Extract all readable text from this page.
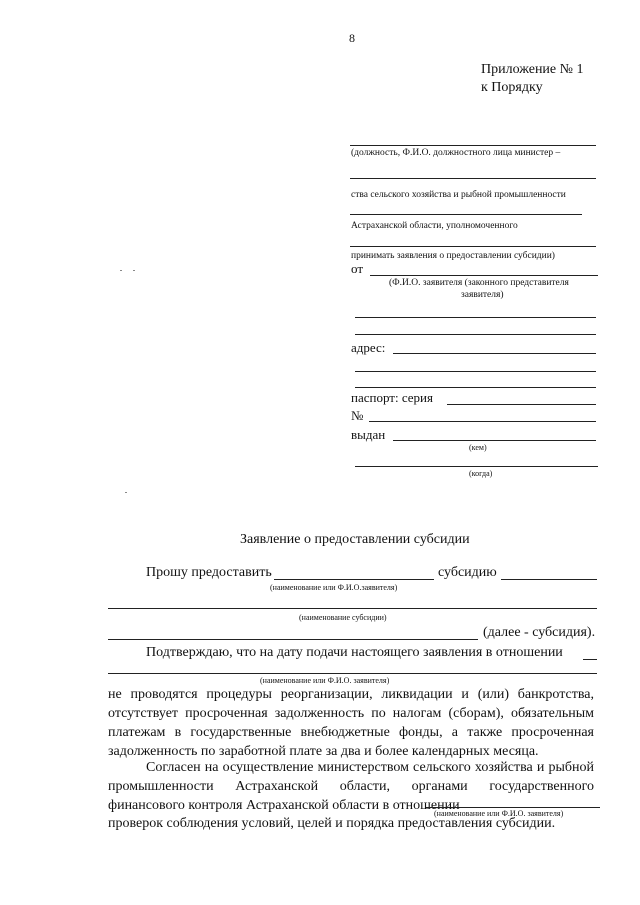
8
Приложение № 1
к Порядку
(должность, Ф.И.О. должностного лица министер –
ства сельского хозяйства и рыбной промышленности
Астраханской области, уполномоченного
принимать заявления о предоставлении субсидии)
от
(Ф.И.О. заявителя (законного представителя
заявителя)
адрес:
паспорт: серия
№
выдан
(кем)
(когда)
Заявление о предоставлении субсидии
Прошу предоставить	субсидию
(наименование или Ф.И.О.заявителя)
(наименование субсидии)
(далее - субсидия).
Подтверждаю, что на дату подачи настоящего заявления в отношении
(наименование или Ф.И.О. заявителя)
не проводятся процедуры реорганизации, ликвидации и (или) банкротства, отсутствует просроченная задолженность по налогам (сборам), обязательным платежам в государственные внебюджетные фонды, а также просроченная задолженность по заработной плате за два и более календарных месяца.
Согласен на осуществление министерством сельского хозяйства и рыбной промышленности Астраханской области, органами государственного финансового контроля Астраханской области в отношении
(наименование или Ф.И.О. заявителя)
проверок соблюдения условий, целей и порядка предоставления субсидии.
